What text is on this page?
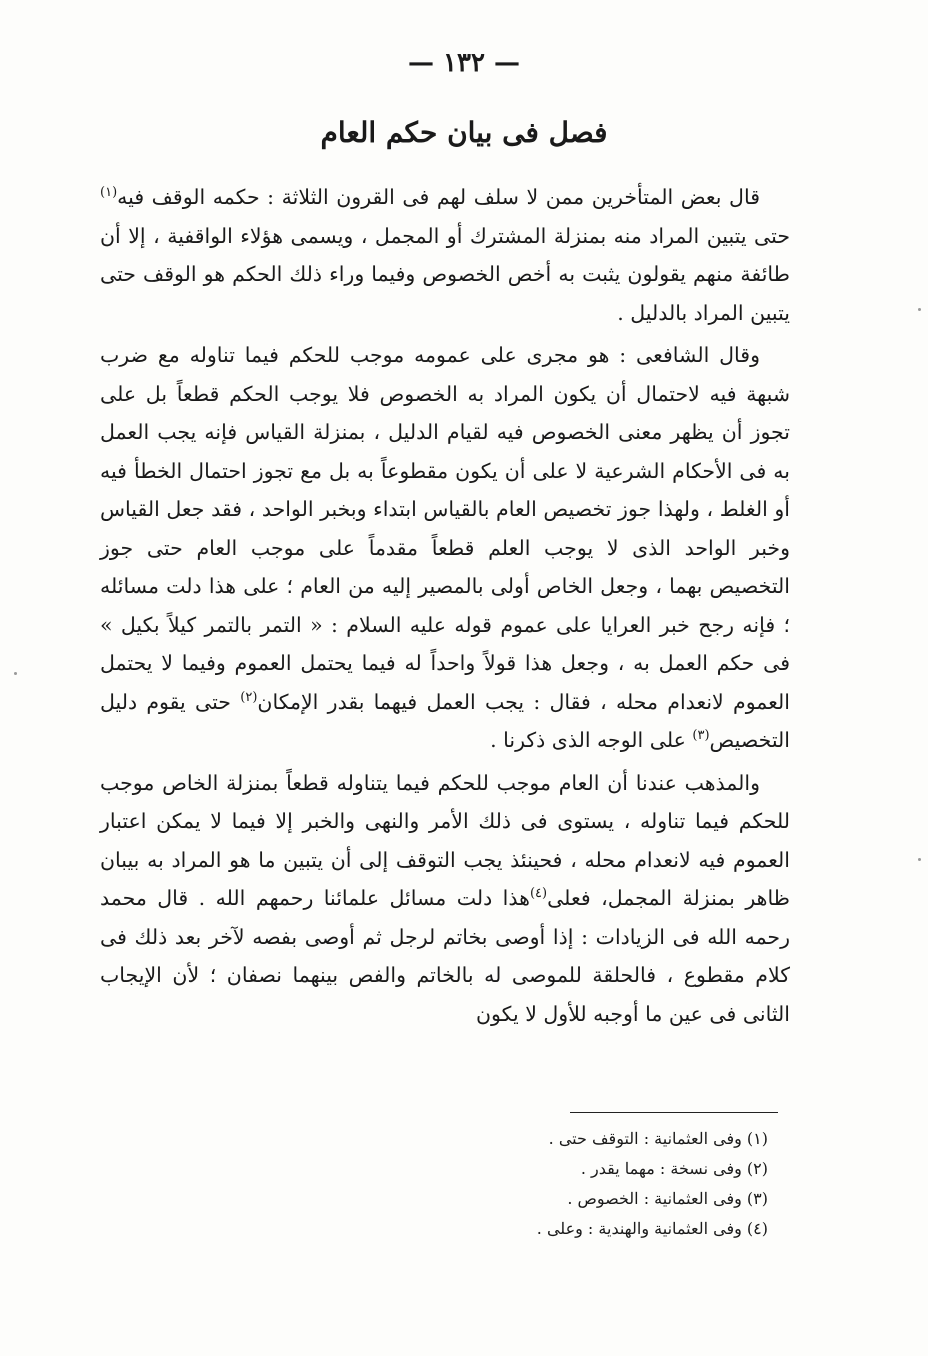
— ١٣٢ —
فصل فى بيان حكم العام

قال بعض المتأخرين ممن لا سلف لهم فى القرون الثلاثة : حكمه الوقف فيه$^{(١)}$ حتى يتبين المراد منه بمنزلة المشترك أو المجمل ، ويسمى هؤلاء الواقفية ، إلا أن طائفة منهم يقولون يثبت به أخص الخصوص وفيما وراء ذلك الحكم هو الوقف حتى يتبين المراد بالدليل .

وقال الشافعى : هو مجرى على عمومه موجب للحكم فيما تناوله مع ضرب شبهة فيه لاحتمال أن يكون المراد به الخصوص فلا يوجب الحكم قطعاً بل على تجوز أن يظهر معنى الخصوص فيه لقيام الدليل ، بمنزلة القياس فإنه يجب العمل به فى الأحكام الشرعية لا على أن يكون مقطوعاً به بل مع تجوز احتمال الخطأ فيه أو الغلط ، ولهذا جوز تخصيص العام بالقياس ابتداء وبخبر الواحد ، فقد جعل القياس وخبر الواحد الذى لا يوجب العلم قطعاً مقدماً على موجب العام حتى جوز التخصيص بهما ، وجعل الخاص أولى بالمصير إليه من العام ؛ على هذا دلت مسائله ؛ فإنه رجح خبر العرايا على عموم قوله عليه السلام : « التمر بالتمر كيلاً بكيل » فى حكم العمل به ، وجعل هذا قولاً واحداً له فيما يحتمل العموم وفيما لا يحتمل العموم لانعدام محله ، فقال : يجب العمل فيهما بقدر الإمكان$^{(٢)}$ حتى يقوم دليل التخصيص$^{(٣)}$ على الوجه الذى ذكرنا .

والمذهب عندنا أن العام موجب للحكم فيما يتناوله قطعاً بمنزلة الخاص موجب للحكم فيما تناوله ، يستوى فى ذلك الأمر والنهى والخبر إلا فيما لا يمكن اعتبار العموم فيه لانعدام محله ، فحينئذ يجب التوقف إلى أن يتبين ما هو المراد به بيبان ظاهر بمنزلة المجمل، فعلى$^{(٤)}$هذا دلت مسائل علمائنا رحمهم الله . قال محمد رحمه الله فى الزيادات : إذا أوصى بخاتم لرجل ثم أوصى بفصه لآخر بعد ذلك فى كلام مقطوع ، فالحلقة للموصى له بالخاتم والفص بينهما نصفان ؛ لأن الإيجاب الثانى فى عين ما أوجبه للأول لا يكون

(١) وفى العثمانية : التوقف حتى .
(٢) وفى نسخة : مهما يقدر .
(٣) وفى العثمانية : الخصوص .
(٤) وفى العثمانية والهندية : وعلى .
